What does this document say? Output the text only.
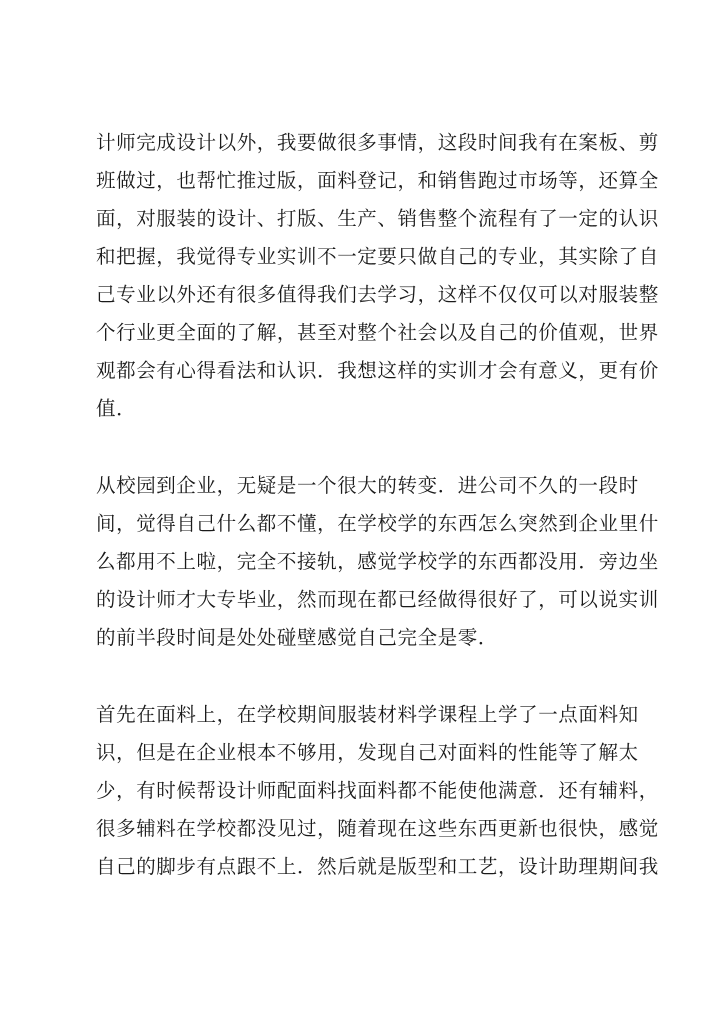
计师完成设计以外，我要做很多事情，这段时间我有在案板、剪
班做过，也帮忙推过版，面料登记，和销售跑过市场等，还算全
面，对服装的设计、打版、生产、销售整个流程有了一定的认识
和把握，我觉得专业实训不一定要只做自己的专业，其实除了自
己专业以外还有很多值得我们去学习，这样不仅仅可以对服装整
个行业更全面的了解，甚至对整个社会以及自己的价值观，世界
观都会有心得看法和认识．我想这样的实训才会有意义，更有价
值．
从校园到企业，无疑是一个很大的转变．进公司不久的一段时
间，觉得自己什么都不懂，在学校学的东西怎么突然到企业里什
么都用不上啦，完全不接轨，感觉学校学的东西都没用．旁边坐
的设计师才大专毕业，然而现在都已经做得很好了，可以说实训
的前半段时间是处处碰壁感觉自己完全是零．
首先在面料上，在学校期间服装材料学课程上学了一点面料知
识，但是在企业根本不够用，发现自己对面料的性能等了解太
少，有时候帮设计师配面料找面料都不能使他满意．还有辅料，
很多辅料在学校都没见过，随着现在这些东西更新也很快，感觉
自己的脚步有点跟不上．然后就是版型和工艺，设计助理期间我
